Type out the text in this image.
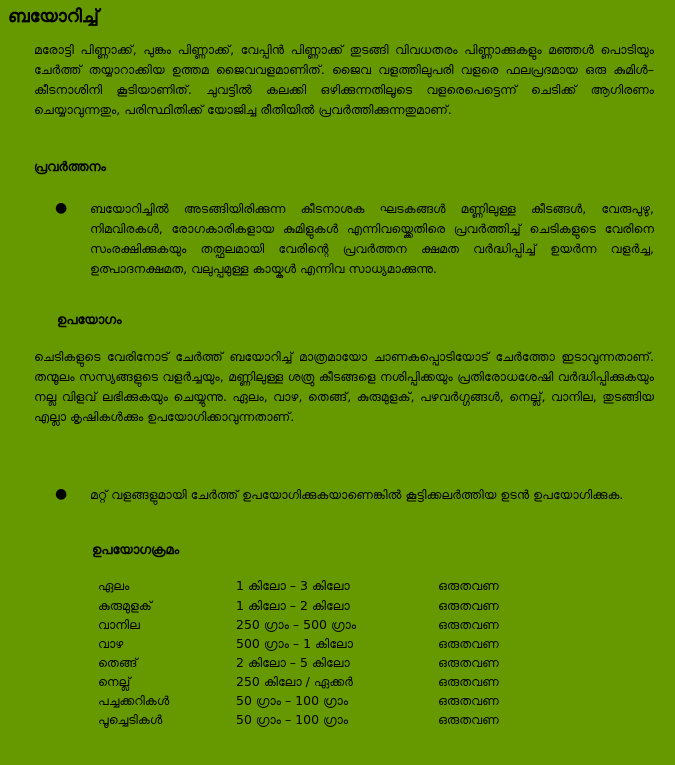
ബയോറിച്ച്
മരോട്ടി പിണ്ണാക്ക്, പുങ്കം പിണ്ണാക്ക്, വേപ്പിൻ പിണ്ണാക്ക് തുടങ്ങി വിവധതരം പിണ്ണാക്കുകളും മഞ്ഞൾ പൊടിയും ചേർത്ത് തയ്യാറാക്കിയ ഉത്തമ ജൈവവളമാണിത്. ജൈവ വളത്തിലുപരി വളരെ ഫലപ്രദമായ ഒരു കുമിൾ– കീടനാശിനി കൂടിയാണിത്. ചുവട്ടിൽ കലക്കി ഒഴിക്കുന്നതിലൂടെ വളരെപെട്ടെന്ന് ചെടിക്ക് ആഗിരണം ചെയ്യാവുന്നതും, പരിസ്ഥിതിക്ക് യോജിച്ച രീതിയിൽ പ്രവർത്തിക്കുന്നതുമാണ്.
പ്രവർത്തനം
● ബയോറിച്ചിൽ അടങ്ങിയിരിക്കുന്ന കീടനാശക ഘടകങ്ങൾ മണ്ണിലുള്ള കീടങ്ങൾ, വേരുപുഴു, നിമവിരകൾ, രോഗകാരികളായ കുമിളുകൾ എന്നിവയ്ക്കെതിരെ പ്രവർത്തിച്ച് ചെടികളുടെ വേരിനെ സംരക്ഷിക്കുകയും തത്ഫലമായി വേരിന്റെ പ്രവർത്തന ക്ഷമത വർദ്ധിപ്പിച്ച് ഉയർന്ന വളർച്ച, ഉത്പാദനക്ഷമത, വലുപ്പമുള്ള കായ്കൾ എന്നിവ സാധ്യമാക്കുന്നു.
ഉപയോഗം
ചെടികളുടെ വേരിനോട് ചേർത്ത് ബയോറിച്ച് മാത്രമായോ ചാണകപ്പൊടിയോട് ചേർത്തോ ഇടാവുന്നതാണ്. തന്മൂലം സസ്യങ്ങളുടെ വളർച്ചയും, മണ്ണിലുള്ള ശത്രു കീടങ്ങളെ നശിപ്പിക്കയും പ്രതിരോധശേഷി വർദ്ധിപ്പിക്കുകയും നല്ല വിളവ് ലഭിക്കുകയും ചെയ്യുന്നു. ഏലം, വാഴ, തെങ്ങ്, കുരുമുളക്, പഴവർഗ്ഗങ്ങൾ, നെല്ല്, വാനില, തുടങ്ങിയ എല്ലാ കൃഷികൾക്കും ഉപയോഗിക്കാവുന്നതാണ്.
● മറ്റ് വളങ്ങളുമായി ചേർത്ത് ഉപയോഗിക്കുകയാണെങ്കിൽ കൂട്ടിക്കലർത്തിയ ഉടൻ ഉപയോഗിക്കുക.
ഉപയോഗക്രമം
ഏലം	1 കിലോ – 3 കിലോ	ഒരുതവണ
കുരുമുളക്	1 കിലോ – 2 കിലോ	ഒരുതവണ
വാനില	250 ഗ്രാം – 500 ഗ്രാം	ഒരുതവണ
വാഴ	500 ഗ്രാം – 1 കിലോ	ഒരുതവണ
തെങ്ങ്	2 കിലോ – 5 കിലോ	ഒരുതവണ
നെല്ല്	250 കിലോ / ഏക്കർ	ഒരുതവണ
പച്ചക്കറികൾ	50 ഗ്രാം – 100 ഗ്രാം	ഒരുതവണ
പൂച്ചെടികൾ	50 ഗ്രാം – 100 ഗ്രാം	ഒരുതവണ
